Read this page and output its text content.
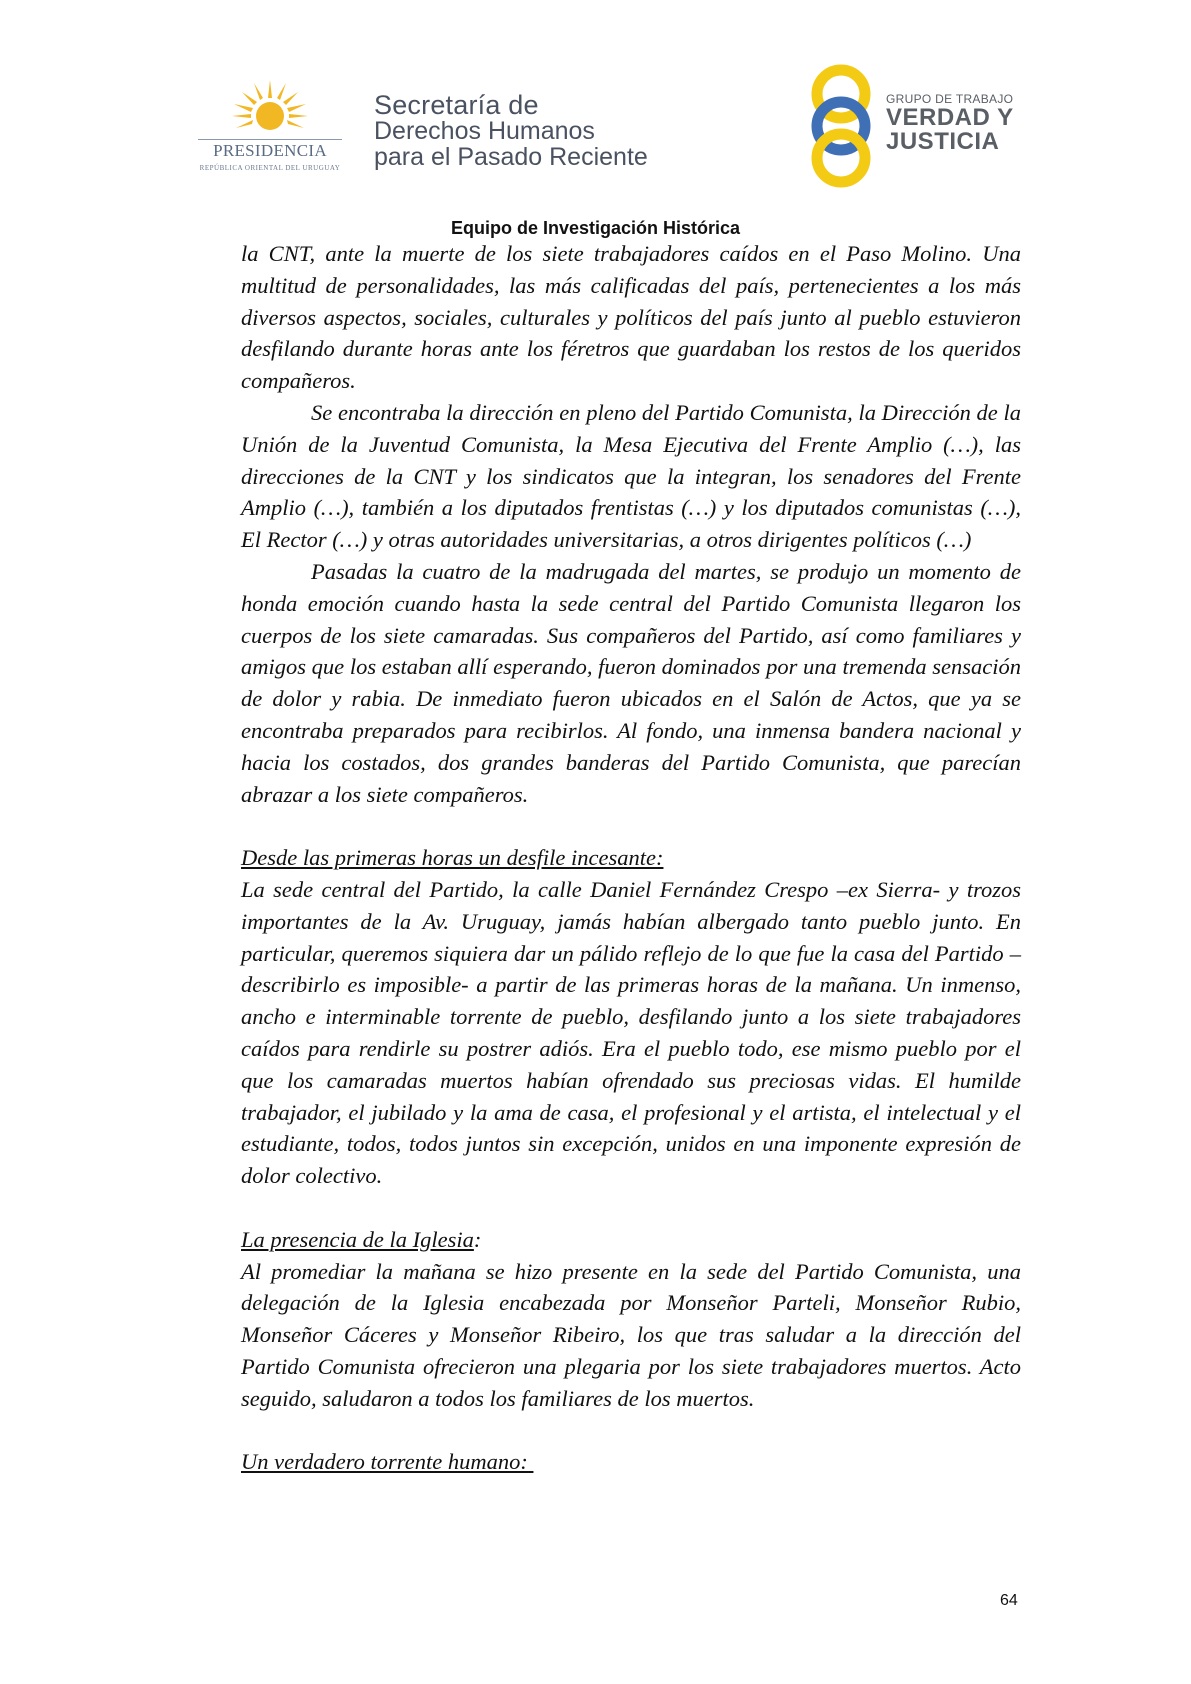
PRESIDENCIA
REPÚBLICA ORIENTAL DEL URUGUAY
Secretaría de
Derechos Humanos
para el Pasado Reciente
GRUPO DE TRABAJO
VERDAD Y
JUSTICIA
Equipo de Investigación Histórica

la CNT, ante la muerte de los siete trabajadores caídos en el Paso Molino. Una multitud de personalidades, las más calificadas del país, pertenecientes a los más diversos aspectos, sociales, culturales y políticos del país junto al pueblo estuvieron desfilando durante horas ante los féretros que guardaban los restos de los queridos compañeros.

Se encontraba la dirección en pleno del Partido Comunista, la Dirección de la Unión de la Juventud Comunista, la Mesa Ejecutiva del Frente Amplio (…), las direcciones de la CNT y los sindicatos que la integran, los senadores del Frente Amplio (…), también a los diputados frentistas (…) y los diputados comunistas (…), El Rector (…) y otras autoridades universitarias, a otros dirigentes políticos (…)

Pasadas la cuatro de la madrugada del martes, se produjo un momento de honda emoción cuando hasta la sede central del Partido Comunista llegaron los cuerpos de los siete camaradas. Sus compañeros del Partido, así como familiares y amigos que los estaban allí esperando, fueron dominados por una tremenda sensación de dolor y rabia. De inmediato fueron ubicados en el Salón de Actos, que ya se encontraba preparados para recibirlos. Al fondo, una inmensa bandera nacional y hacia los costados, dos grandes banderas del Partido Comunista, que parecían abrazar a los siete compañeros.

Desde las primeras horas un desfile incesante:

La sede central del Partido, la calle Daniel Fernández Crespo –ex Sierra- y trozos importantes de la Av. Uruguay, jamás habían albergado tanto pueblo junto. En particular, queremos siquiera dar un pálido reflejo de lo que fue la casa del Partido –describirlo es imposible- a partir de las primeras horas de la mañana. Un inmenso, ancho e interminable torrente de pueblo, desfilando junto a los siete trabajadores caídos para rendirle su postrer adiós. Era el pueblo todo, ese mismo pueblo por el que los camaradas muertos habían ofrendado sus preciosas vidas. El humilde trabajador, el jubilado y la ama de casa, el profesional y el artista, el intelectual y el estudiante, todos, todos juntos sin excepción, unidos en una imponente expresión de dolor colectivo.

La presencia de la Iglesia:

Al promediar la mañana se hizo presente en la sede del Partido Comunista, una delegación de la Iglesia encabezada por Monseñor Parteli, Monseñor Rubio, Monseñor Cáceres y Monseñor Ribeiro, los que tras saludar a la dirección del Partido Comunista ofrecieron una plegaria por los siete trabajadores muertos. Acto seguido, saludaron a todos los familiares de los muertos.

Un verdadero torrente humano:

64
